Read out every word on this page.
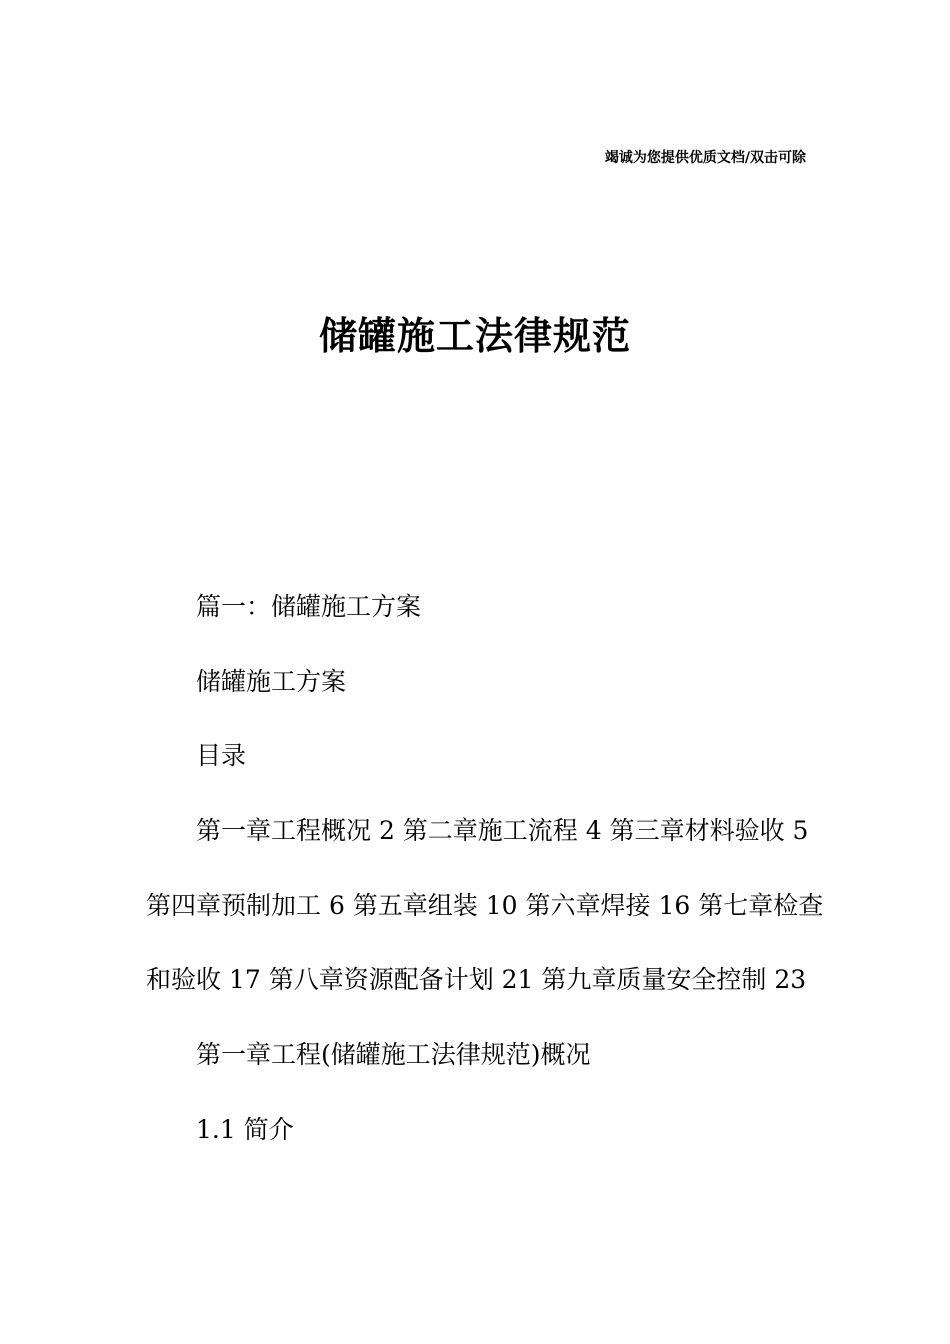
竭诚为您提供优质文档/双击可除
储罐施工法律规范
篇一：储罐施工方案
储罐施工方案
目录
第一章工程概况 2 第二章施工流程 4 第三章材料验收 5
第四章预制加工 6 第五章组装 10 第六章焊接 16 第七章检查
和验收 17 第八章资源配备计划 21 第九章质量安全控制 23
第一章工程(储罐施工法律规范)概况
1.1 简介
